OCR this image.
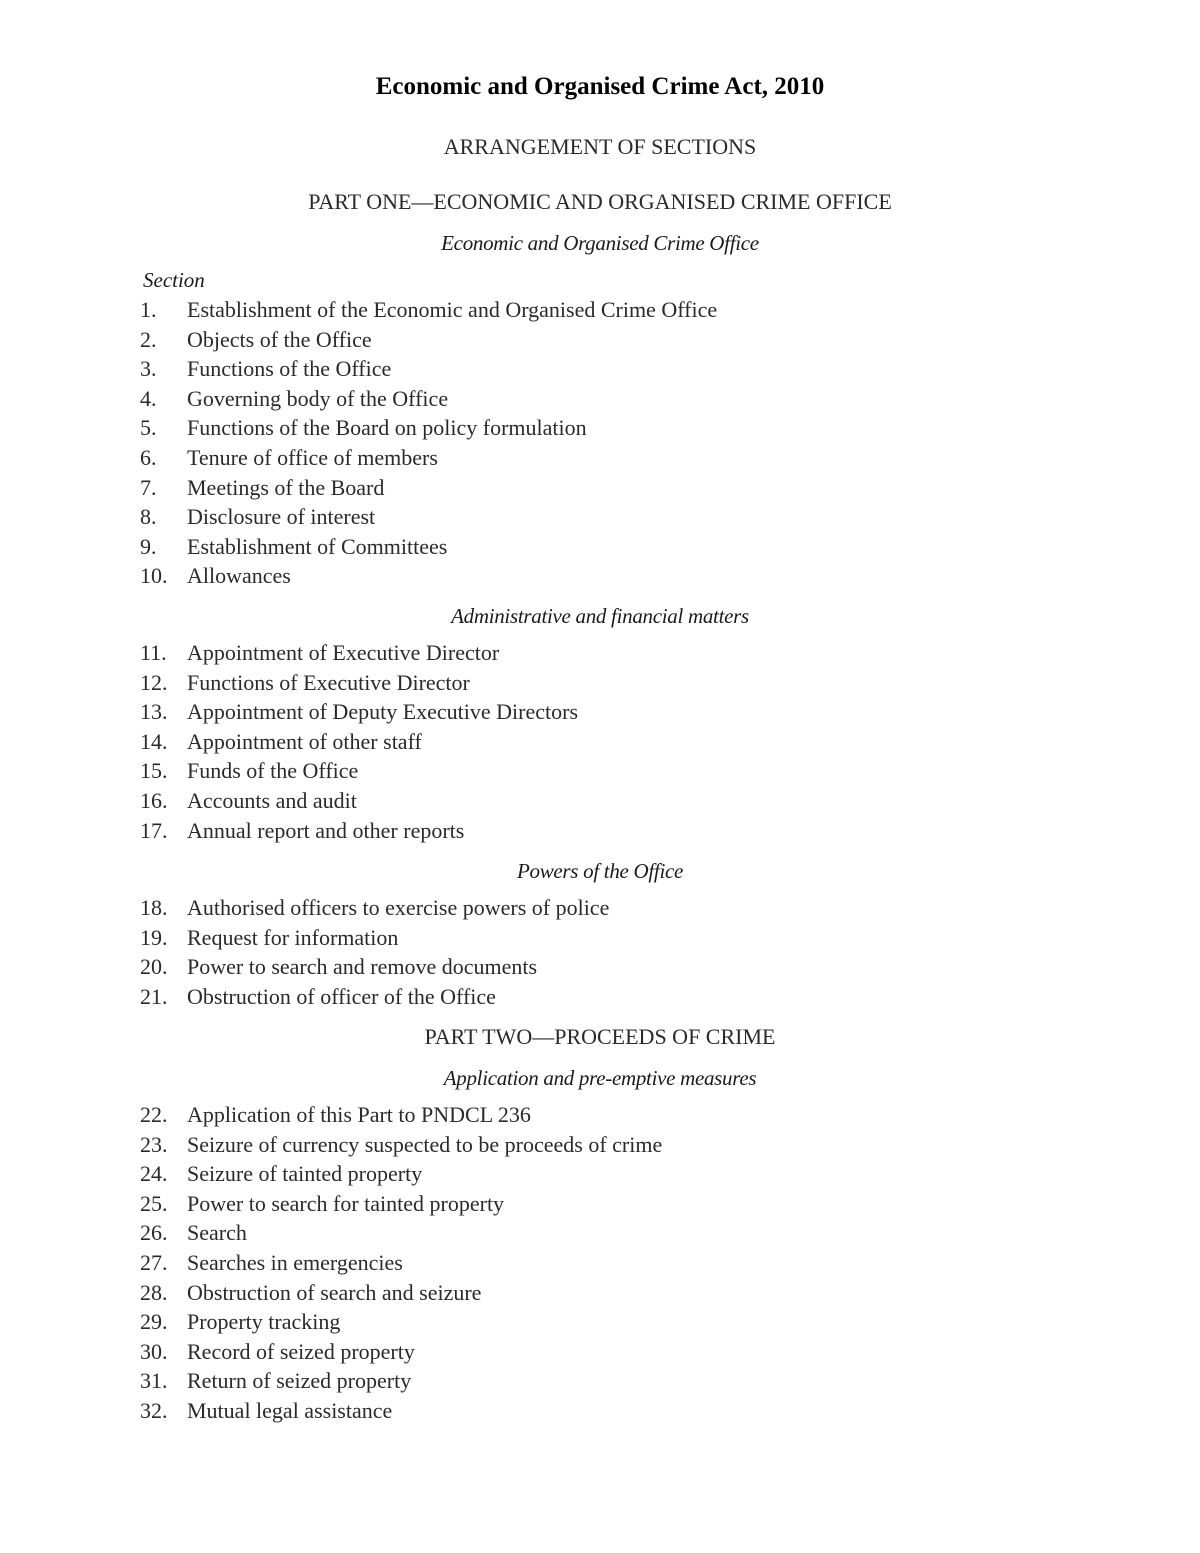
Economic and Organised Crime Act, 2010
ARRANGEMENT OF SECTIONS
PART ONE—ECONOMIC AND ORGANISED CRIME OFFICE
Economic and Organised Crime Office
Section
1.	Establishment of the Economic and Organised Crime Office
2.	Objects of the Office
3.	Functions of the Office
4.	Governing body of the Office
5.	Functions of the Board on policy formulation
6.	Tenure of office of members
7.	Meetings of the Board
8.	Disclosure of interest
9.	Establishment of Committees
10. Allowances
Administrative and financial matters
11. Appointment of Executive Director
12. Functions of Executive Director
13. Appointment of Deputy Executive Directors
14. Appointment of other staff
15. Funds of the Office
16. Accounts and audit
17. Annual report and other reports
Powers of the Office
18. Authorised officers to exercise powers of police
19. Request for information
20. Power to search and remove documents
21. Obstruction of officer of the Office
PART TWO—PROCEEDS OF CRIME
Application and pre-emptive measures
22. Application of this Part to PNDCL 236
23. Seizure of currency suspected to be proceeds of crime
24. Seizure of tainted property
25. Power to search for tainted property
26. Search
27. Searches in emergencies
28. Obstruction of search and seizure
29. Property tracking
30. Record of seized property
31. Return of seized property
32. Mutual legal assistance
